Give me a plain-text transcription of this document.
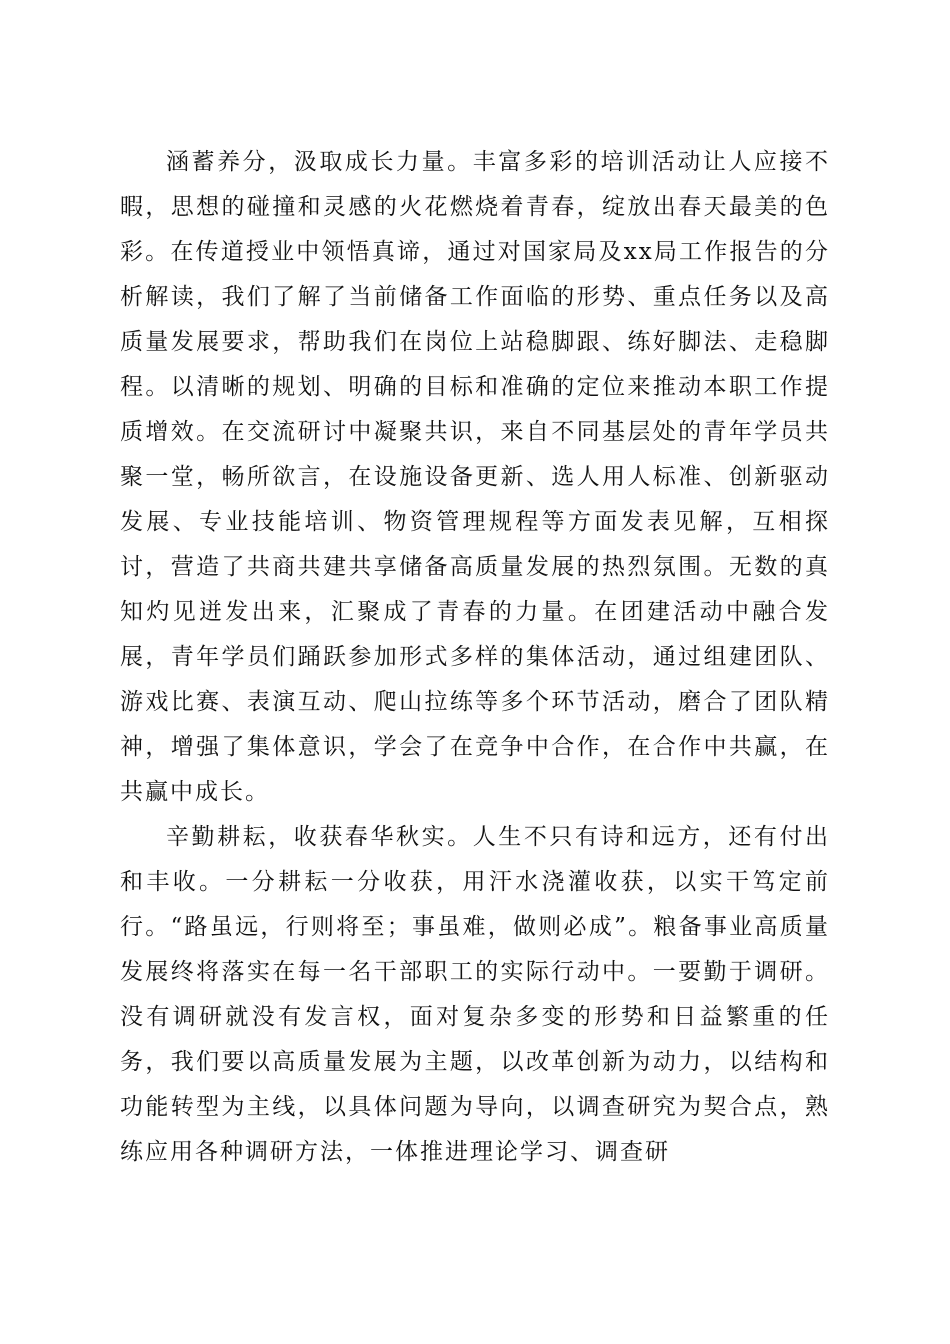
涵蓄养分，汲取成长力量。丰富多彩的培训活动让人应接不暇，思想的碰撞和灵感的火花燃烧着青春，绽放出春天最美的色彩。在传道授业中领悟真谛，通过对国家局及xx局工作报告的分析解读，我们了解了当前储备工作面临的形势、重点任务以及高质量发展要求，帮助我们在岗位上站稳脚跟、练好脚法、走稳脚程。以清晰的规划、明确的目标和准确的定位来推动本职工作提质增效。在交流研讨中凝聚共识，来自不同基层处的青年学员共聚一堂，畅所欲言，在设施设备更新、选人用人标准、创新驱动发展、专业技能培训、物资管理规程等方面发表见解，互相探讨，营造了共商共建共享储备高质量发展的热烈氛围。无数的真知灼见迸发出来，汇聚成了青春的力量。在团建活动中融合发展，青年学员们踊跃参加形式多样的集体活动，通过组建团队、游戏比赛、表演互动、爬山拉练等多个环节活动，磨合了团队精神，增强了集体意识，学会了在竞争中合作，在合作中共赢，在共赢中成长。

辛勤耕耘，收获春华秋实。人生不只有诗和远方，还有付出和丰收。一分耕耘一分收获，用汗水浇灌收获，以实干笃定前行。“路虽远，行则将至；事虽难，做则必成”。粮备事业高质量发展终将落实在每一名干部职工的实际行动中。一要勤于调研。没有调研就没有发言权，面对复杂多变的形势和日益繁重的任务，我们要以高质量发展为主题，以改革创新为动力，以结构和功能转型为主线，以具体问题为导向，以调查研究为契合点，熟练应用各种调研方法，一体推进理论学习、调查研
